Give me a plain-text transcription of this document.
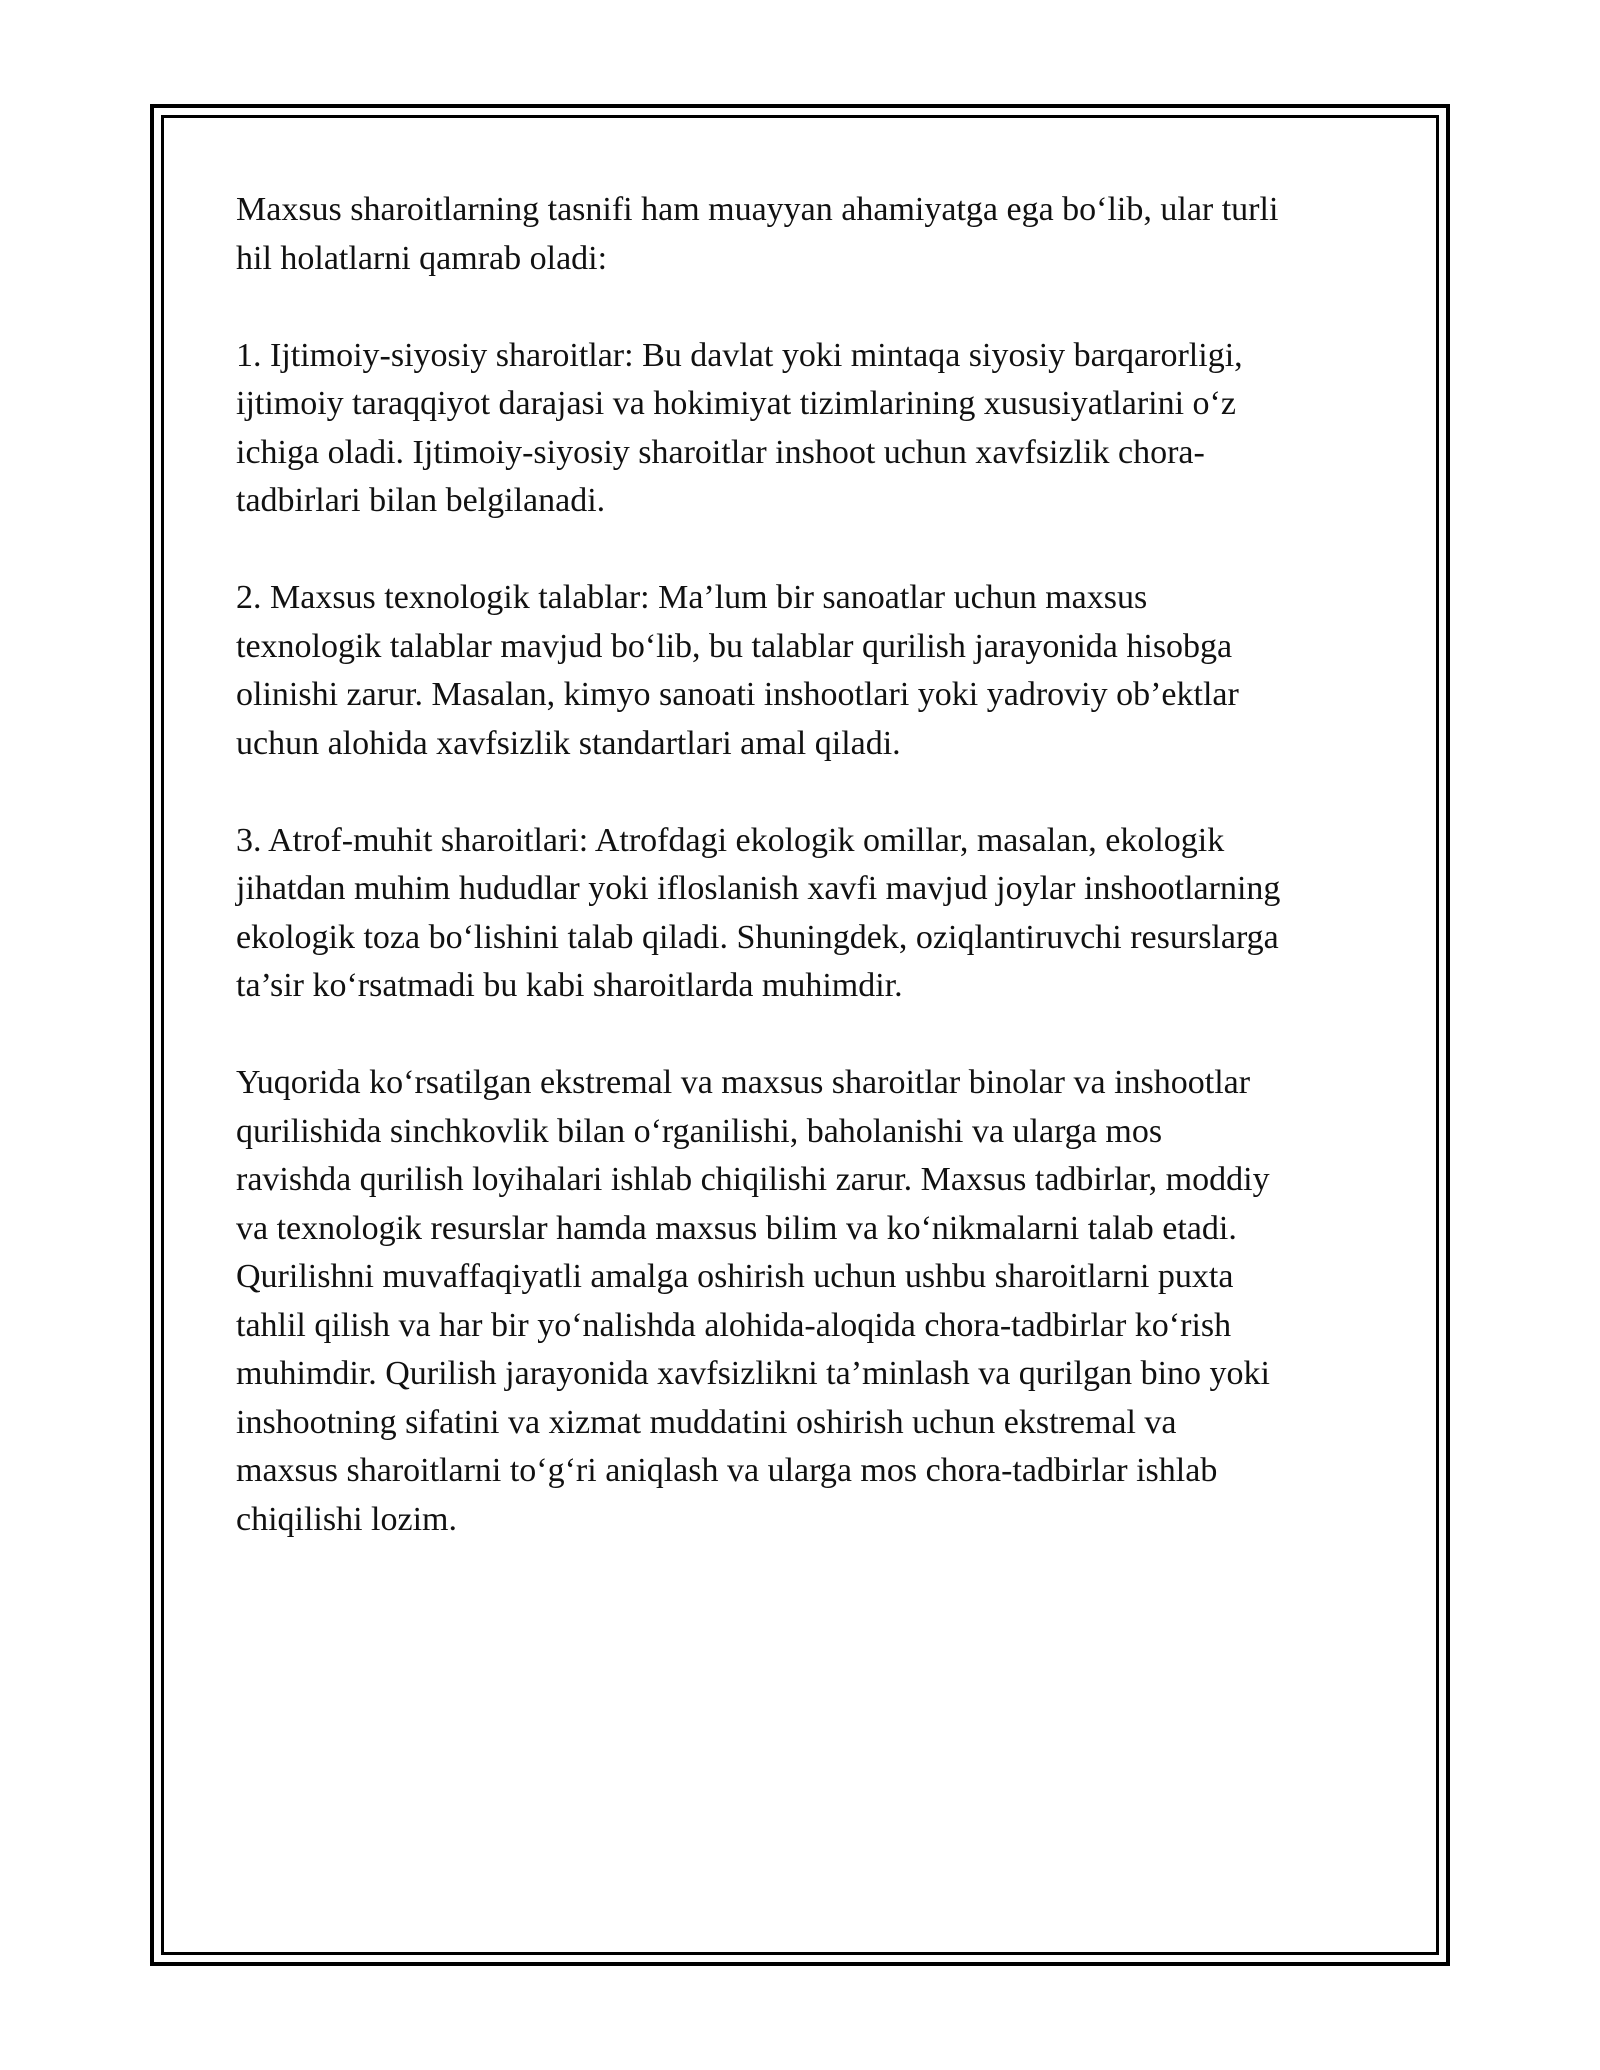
Maxsus sharoitlarning tasnifi ham muayyan ahamiyatga ega bo‘lib, ular turli
hil holatlarni qamrab oladi:

1. Ijtimoiy-siyosiy sharoitlar: Bu davlat yoki mintaqa siyosiy barqarorligi,
ijtimoiy taraqqiyot darajasi va hokimiyat tizimlarining xususiyatlarini o‘z
ichiga oladi. Ijtimoiy-siyosiy sharoitlar inshoot uchun xavfsizlik chora-
tadbirlari bilan belgilanadi.

2. Maxsus texnologik talablar: Ma’lum bir sanoatlar uchun maxsus
texnologik talablar mavjud bo‘lib, bu talablar qurilish jarayonida hisobga
olinishi zarur. Masalan, kimyo sanoati inshootlari yoki yadroviy ob’ektlar
uchun alohida xavfsizlik standartlari amal qiladi.

3. Atrof-muhit sharoitlari: Atrofdagi ekologik omillar, masalan, ekologik
jihatdan muhim hududlar yoki ifloslanish xavfi mavjud joylar inshootlarning
ekologik toza bo‘lishini talab qiladi. Shuningdek, oziqlantiruvchi resurslarga
ta’sir ko‘rsatmadi bu kabi sharoitlarda muhimdir.

Yuqorida ko‘rsatilgan ekstremal va maxsus sharoitlar binolar va inshootlar
qurilishida sinchkovlik bilan o‘rganilishi, baholanishi va ularga mos
ravishda qurilish loyihalari ishlab chiqilishi zarur. Maxsus tadbirlar, moddiy
va texnologik resurslar hamda maxsus bilim va ko‘nikmalarni talab etadi.
Qurilishni muvaffaqiyatli amalga oshirish uchun ushbu sharoitlarni puxta
tahlil qilish va har bir yo‘nalishda alohida-aloqida chora-tadbirlar ko‘rish
muhimdir. Qurilish jarayonida xavfsizlikni ta’minlash va qurilgan bino yoki
inshootning sifatini va xizmat muddatini oshirish uchun ekstremal va
maxsus sharoitlarni to‘g‘ri aniqlash va ularga mos chora-tadbirlar ishlab
chiqilishi lozim.
